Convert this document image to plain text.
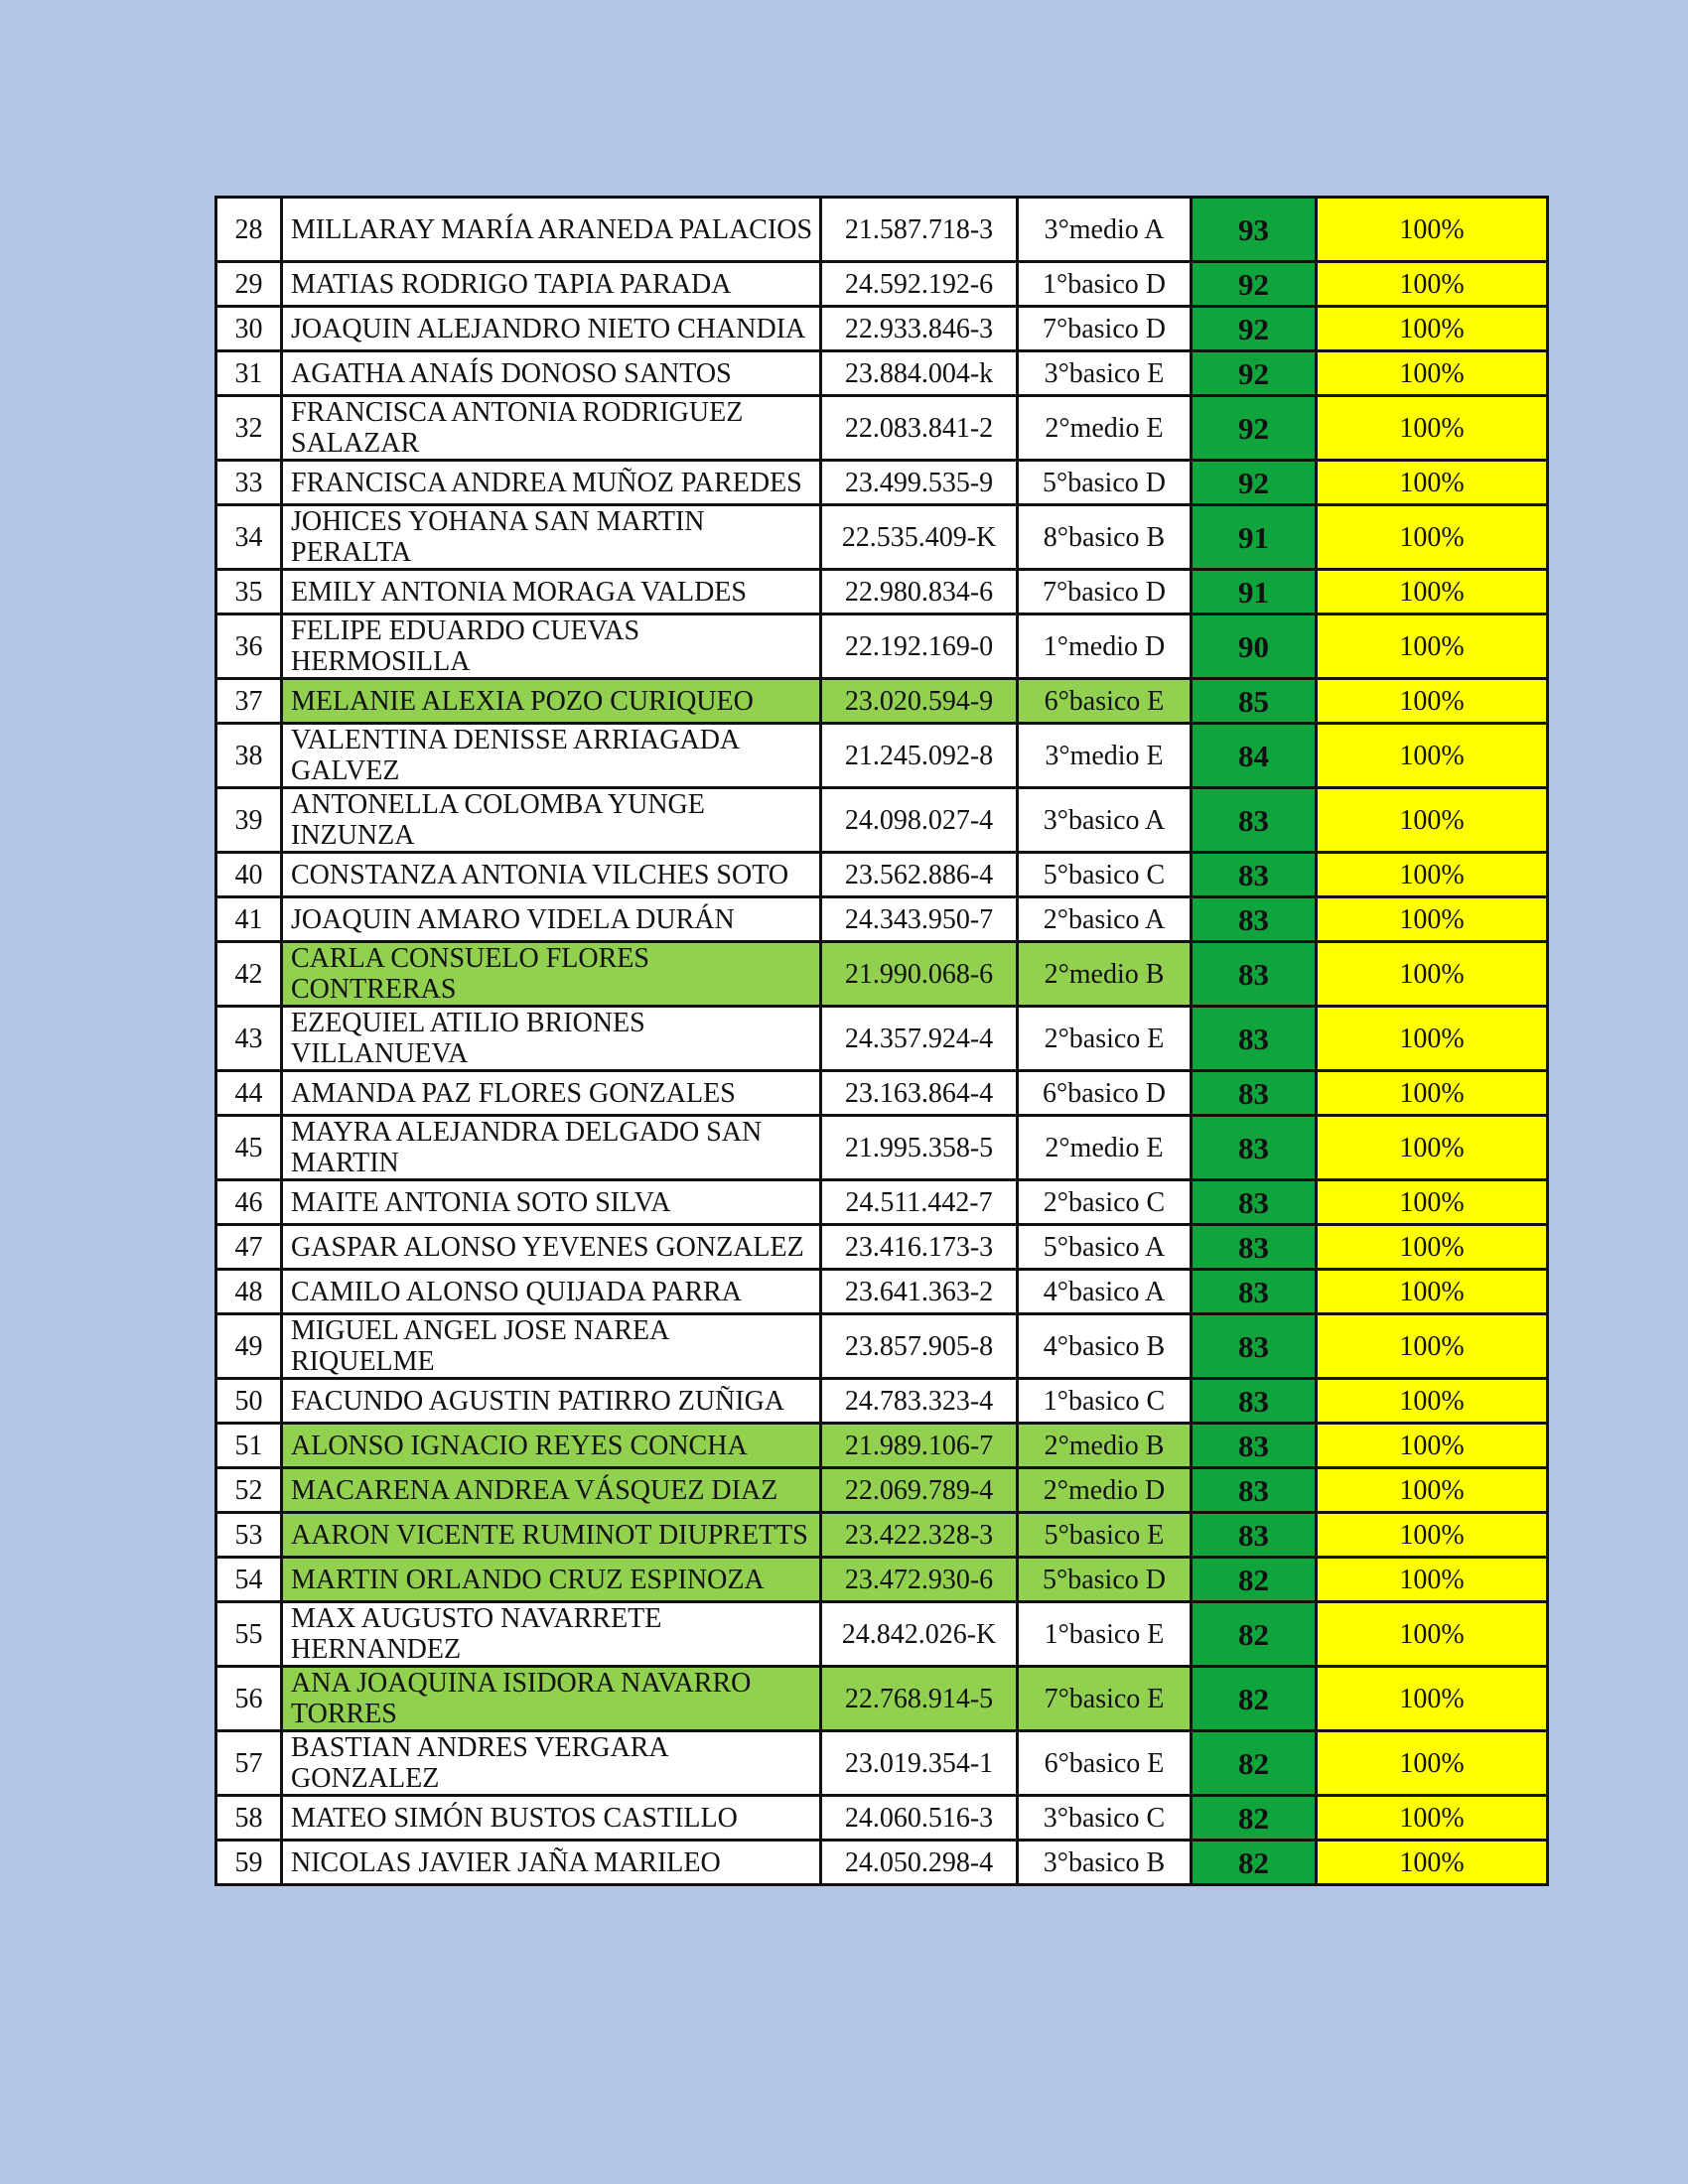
28	MILLARAY MARÍA ARANEDA PALACIOS	21.587.718-3	3°medio A	93	100%
29	MATIAS RODRIGO TAPIA PARADA	24.592.192-6	1°basico D	92	100%
30	JOAQUIN ALEJANDRO NIETO CHANDIA	22.933.846-3	7°basico D	92	100%
31	AGATHA ANAÍS DONOSO SANTOS	23.884.004-k	3°basico E	92	100%
32	FRANCISCA ANTONIA RODRIGUEZ SALAZAR	22.083.841-2	2°medio E	92	100%
33	FRANCISCA ANDREA MUÑOZ PAREDES	23.499.535-9	5°basico D	92	100%
34	JOHICES YOHANA SAN MARTIN PERALTA	22.535.409-K	8°basico B	91	100%
35	EMILY ANTONIA MORAGA VALDES	22.980.834-6	7°basico D	91	100%
36	FELIPE EDUARDO CUEVAS HERMOSILLA	22.192.169-0	1°medio D	90	100%
37	MELANIE ALEXIA POZO CURIQUEO	23.020.594-9	6°basico E	85	100%
38	VALENTINA DENISSE ARRIAGADA GALVEZ	21.245.092-8	3°medio E	84	100%
39	ANTONELLA COLOMBA YUNGE INZUNZA	24.098.027-4	3°basico A	83	100%
40	CONSTANZA ANTONIA VILCHES SOTO	23.562.886-4	5°basico C	83	100%
41	JOAQUIN AMARO VIDELA DURÁN	24.343.950-7	2°basico A	83	100%
42	CARLA CONSUELO FLORES CONTRERAS	21.990.068-6	2°medio B	83	100%
43	EZEQUIEL ATILIO BRIONES VILLANUEVA	24.357.924-4	2°basico E	83	100%
44	AMANDA PAZ FLORES GONZALES	23.163.864-4	6°basico D	83	100%
45	MAYRA ALEJANDRA DELGADO SAN MARTIN	21.995.358-5	2°medio E	83	100%
46	MAITE ANTONIA SOTO SILVA	24.511.442-7	2°basico C	83	100%
47	GASPAR ALONSO YEVENES GONZALEZ	23.416.173-3	5°basico A	83	100%
48	CAMILO ALONSO QUIJADA PARRA	23.641.363-2	4°basico A	83	100%
49	MIGUEL ANGEL JOSE NAREA RIQUELME	23.857.905-8	4°basico B	83	100%
50	FACUNDO AGUSTIN PATIRRO ZUÑIGA	24.783.323-4	1°basico C	83	100%
51	ALONSO IGNACIO REYES CONCHA	21.989.106-7	2°medio B	83	100%
52	MACARENA ANDREA VÁSQUEZ DIAZ	22.069.789-4	2°medio D	83	100%
53	AARON VICENTE RUMINOT DIUPRETTS	23.422.328-3	5°basico E	83	100%
54	MARTIN ORLANDO CRUZ ESPINOZA	23.472.930-6	5°basico D	82	100%
55	MAX AUGUSTO NAVARRETE HERNANDEZ	24.842.026-K	1°basico E	82	100%
56	ANA JOAQUINA ISIDORA NAVARRO TORRES	22.768.914-5	7°basico E	82	100%
57	BASTIAN ANDRES VERGARA GONZALEZ	23.019.354-1	6°basico E	82	100%
58	MATEO SIMÓN BUSTOS CASTILLO	24.060.516-3	3°basico C	82	100%
59	NICOLAS JAVIER JAÑA MARILEO	24.050.298-4	3°basico B	82	100%
